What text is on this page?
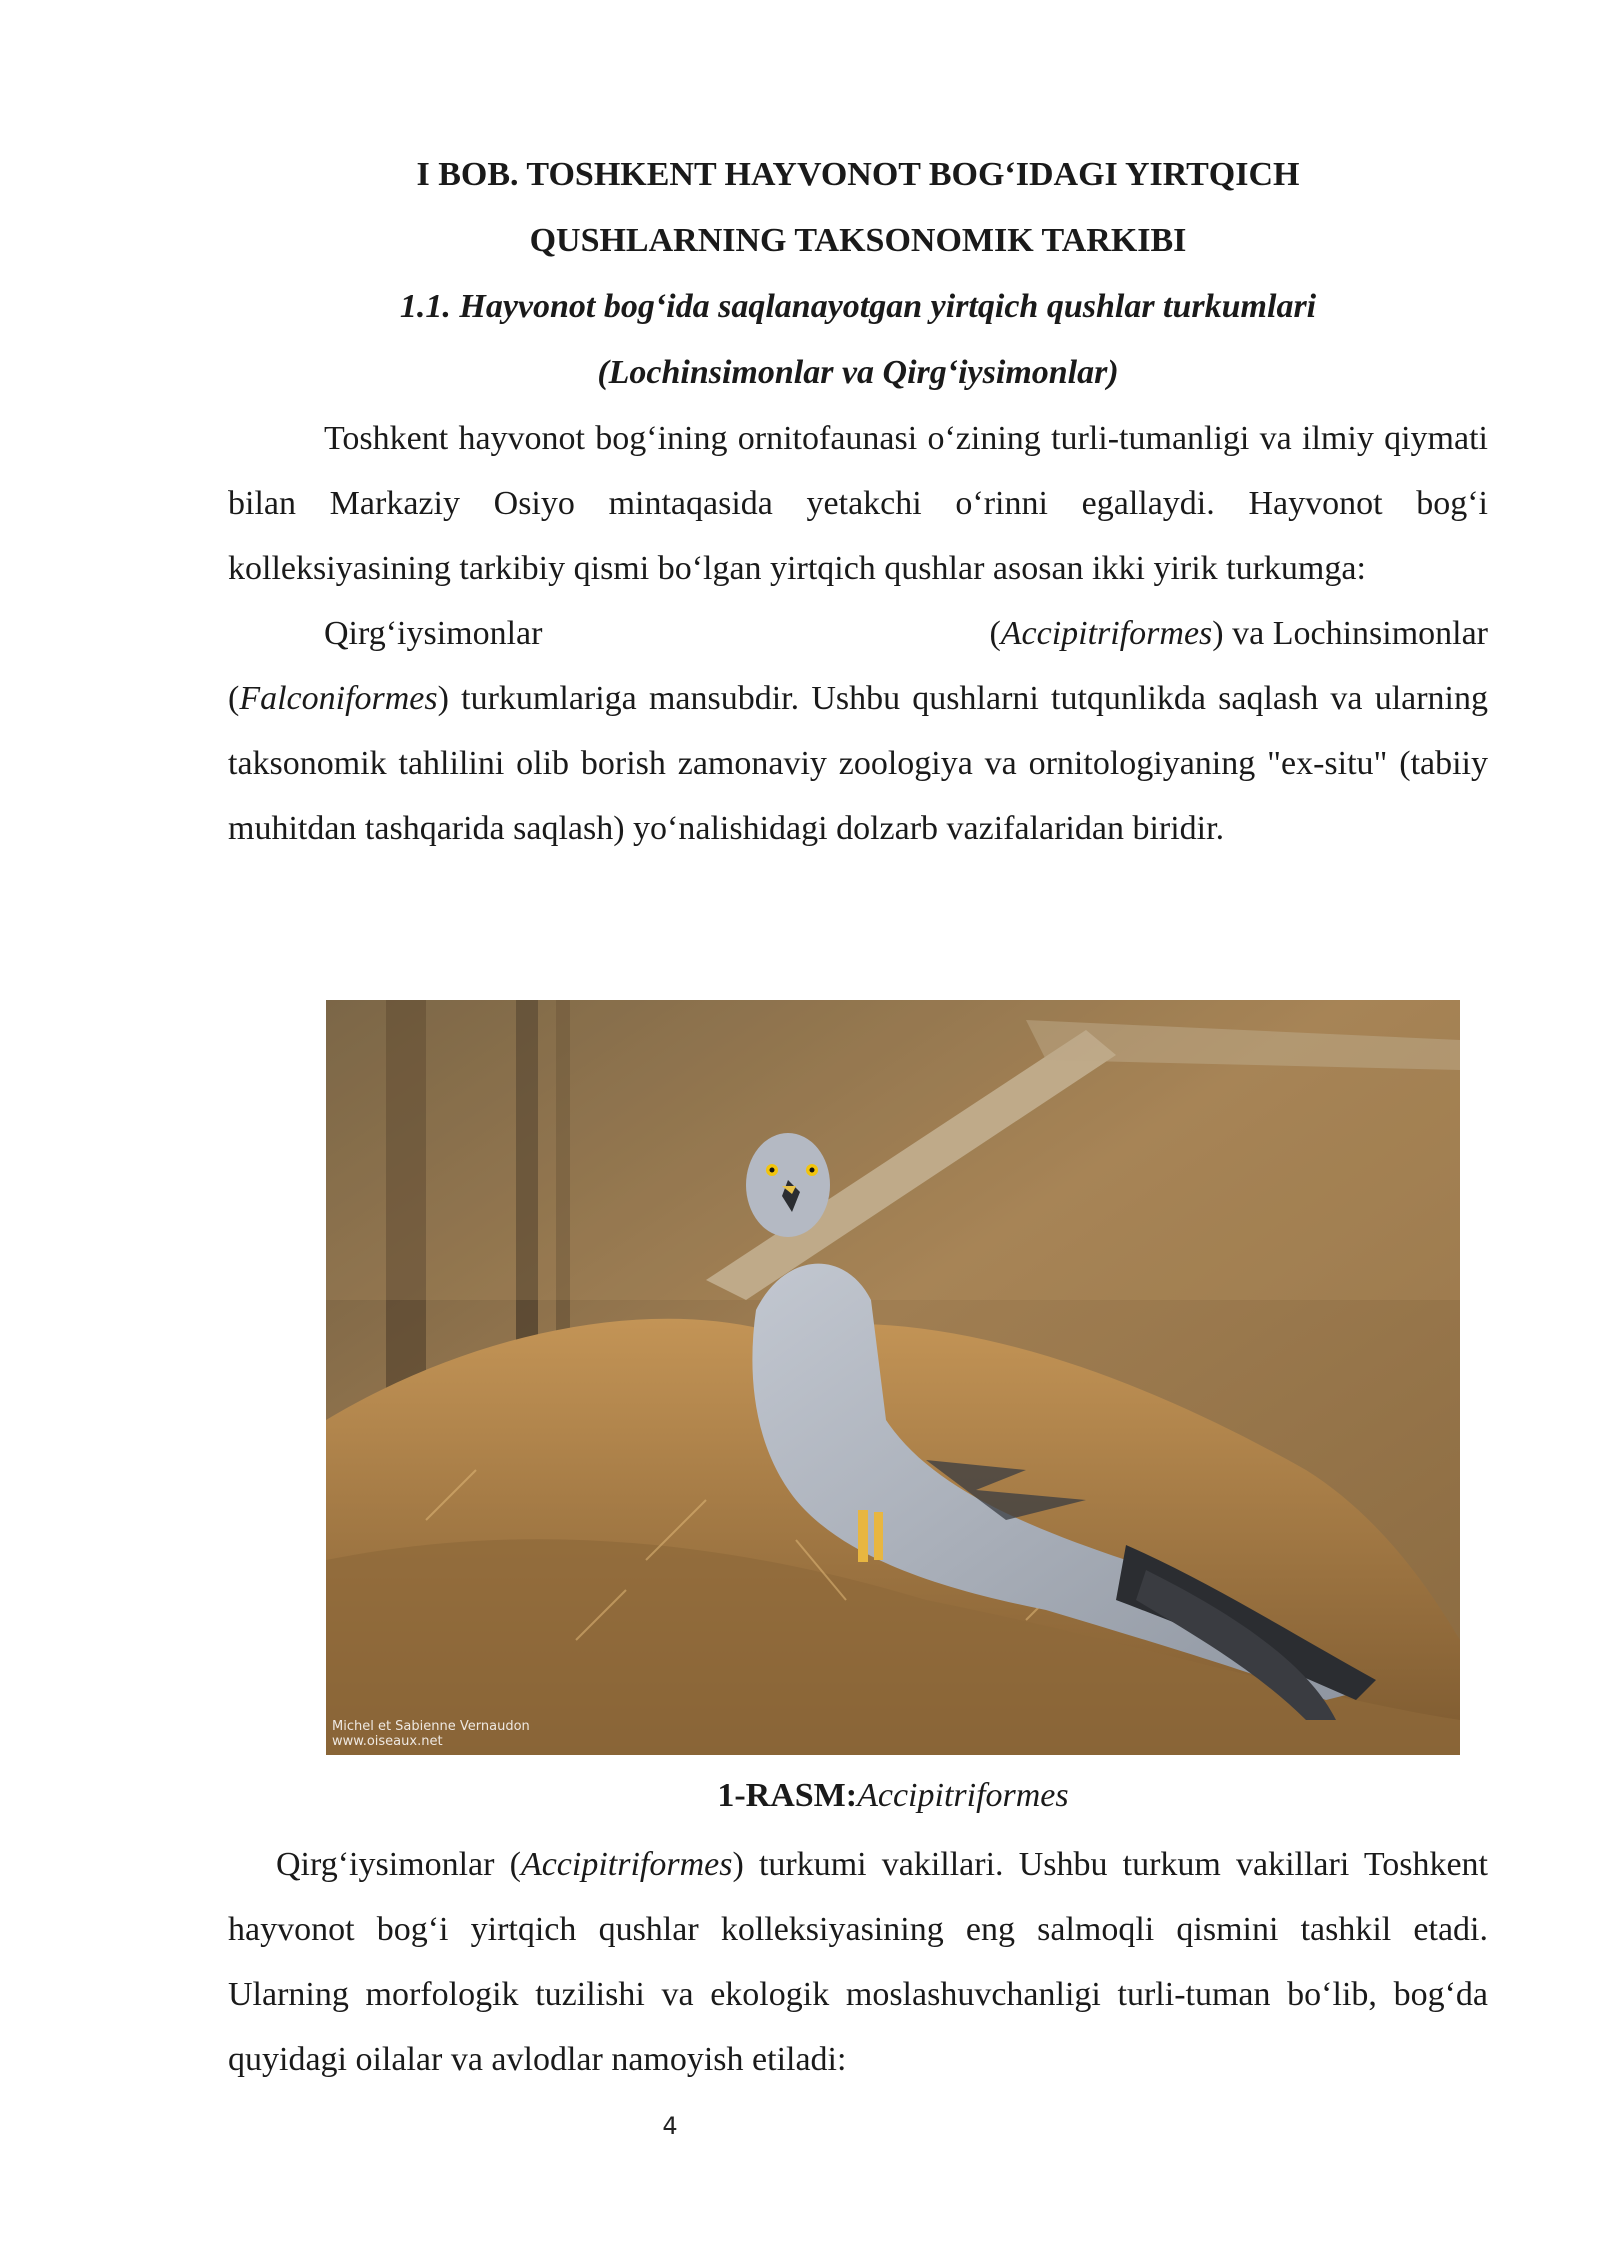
I BOB. TOSHKENT HAYVONOT BOG‘IDAGI YIRTQICH
QUSHLARNING TAKSONOMIK TARKIBI
1.1. Hayvonot bog‘ida saqlanayotgan yirtqich qushlar turkumlari
(Lochinsimonlar va Qirg‘iysimonlar)

Toshkent hayvonot bog‘ining ornitofaunasi o‘zining turli-tumanligi va ilmiy qiymati bilan Markaziy Osiyo mintaqasida yetakchi o‘rinni egallaydi. Hayvonot bog‘i kolleksiyasining tarkibiy qismi bo‘lgan yirtqich qushlar asosan ikki yirik turkumga:

Qirg‘iysimonlar	(Accipitriformes) va Lochinsimonlar

(Falconiformes) turkumlariga mansubdir. Ushbu qushlarni tutqunlikda saqlash va ularning taksonomik tahlilini olib borish zamonaviy zoologiya va ornitologiyaning "ex-situ" (tabiiy muhitdan tashqarida saqlash) yo‘nalishidagi dolzarb vazifalaridan biridir.

Michel et Sabienne Vernaudon
www.oiseaux.net
1-RASM:Accipitriformes

Qirg‘iysimonlar (Accipitriformes) turkumi vakillari. Ushbu turkum vakillari Toshkent hayvonot bog‘i yirtqich qushlar kolleksiyasining eng salmoqli qismini tashkil etadi. Ularning morfologik tuzilishi va ekologik moslashuvchanligi turli-tuman bo‘lib, bog‘da quyidagi oilalar va avlodlar namoyish etiladi:

4
